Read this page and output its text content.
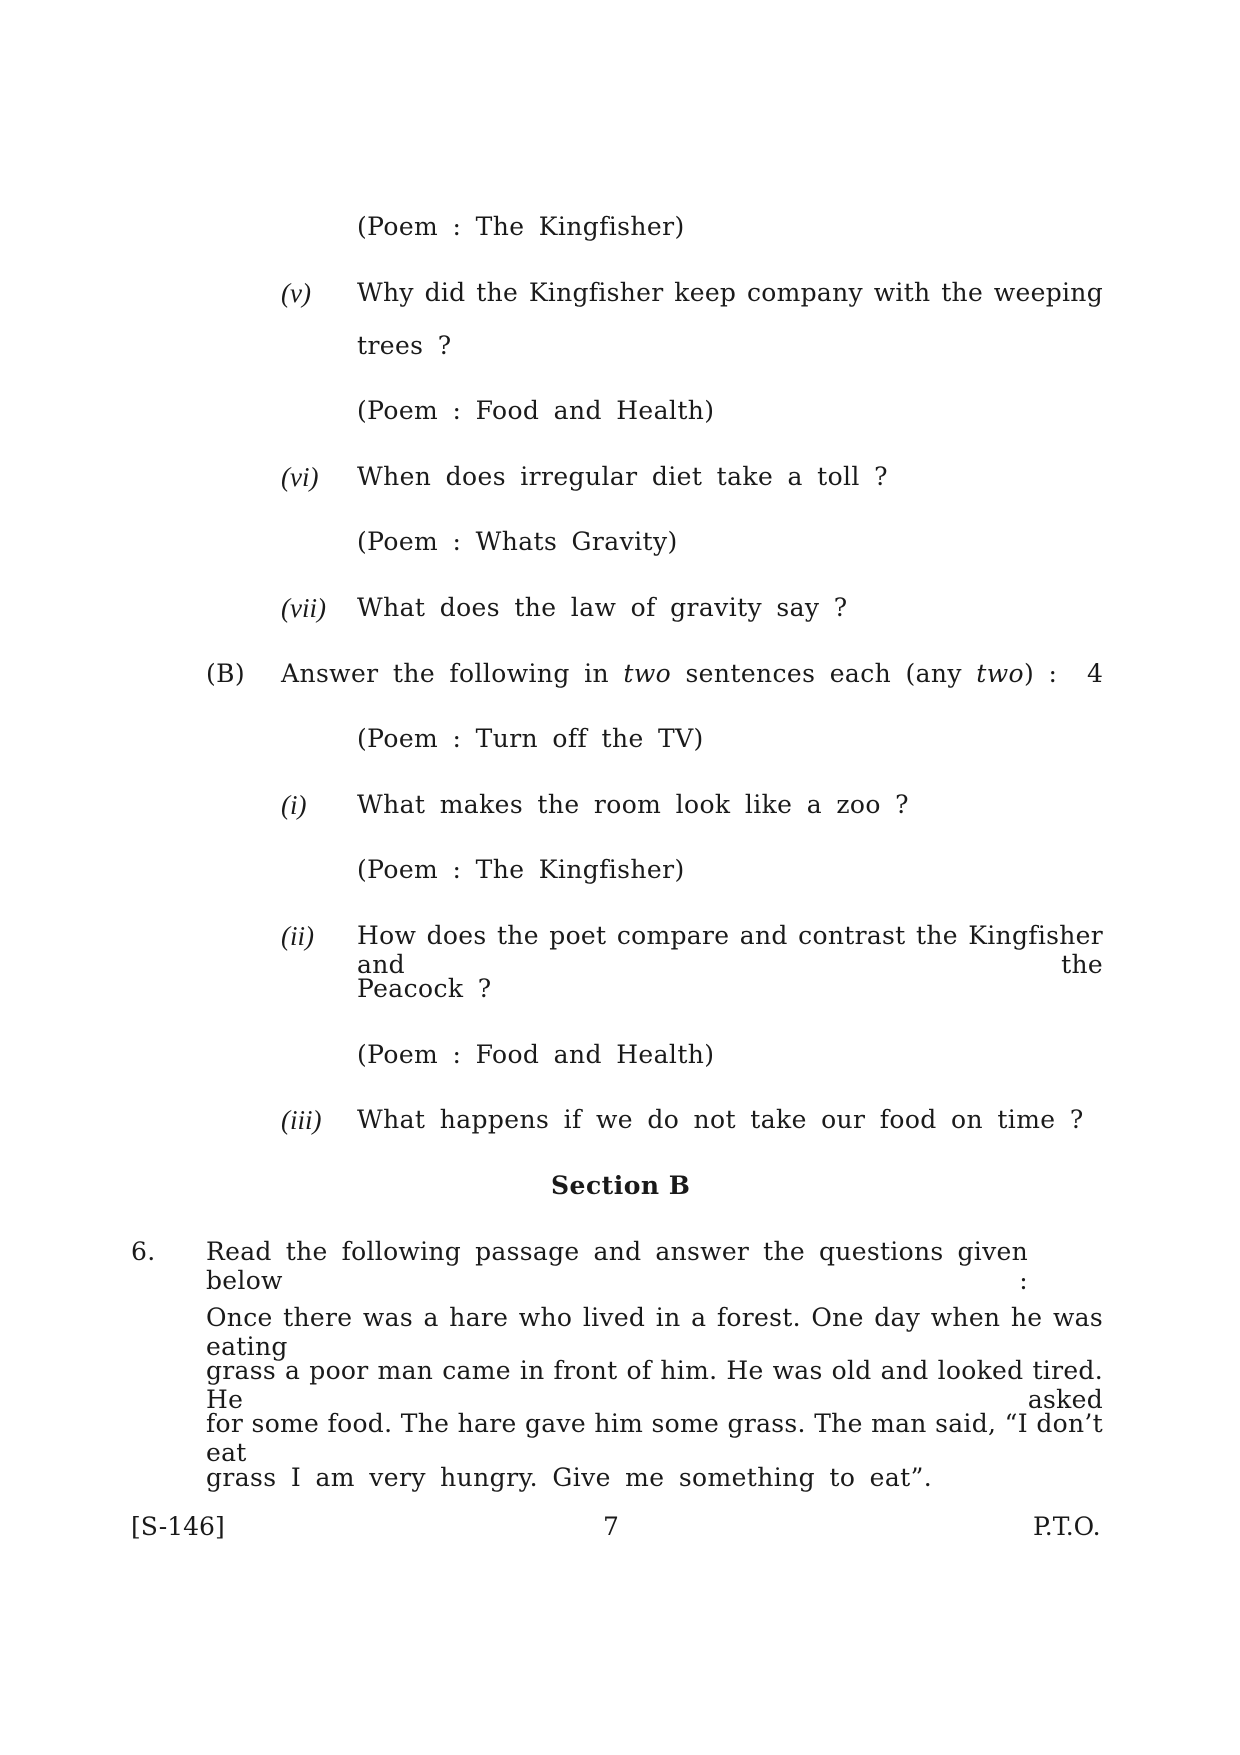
(Poem : The Kingfisher)
(v) Why did the Kingfisher keep company with the weeping
trees ?
(Poem : Food and Health)
(vi) When does irregular diet take a toll ?
(Poem : Whats Gravity)
(vii) What does the law of gravity say ?
(B) Answer the following in two sentences each (any two) : 4
(Poem : Turn off the TV)
(i) What makes the room look like a zoo ?
(Poem : The Kingfisher)
(ii) How does the poet compare and contrast the Kingfisher and the
Peacock ?
(Poem : Food and Health)
(iii) What happens if we do not take our food on time ?
Section B
6. Read the following passage and answer the questions given below :
Once there was a hare who lived in a forest. One day when he was eating
grass a poor man came in front of him. He was old and looked tired. He asked
for some food. The hare gave him some grass. The man said, “I don’t eat
grass I am very hungry. Give me something to eat”.
[S-146]	7	P.T.O.
